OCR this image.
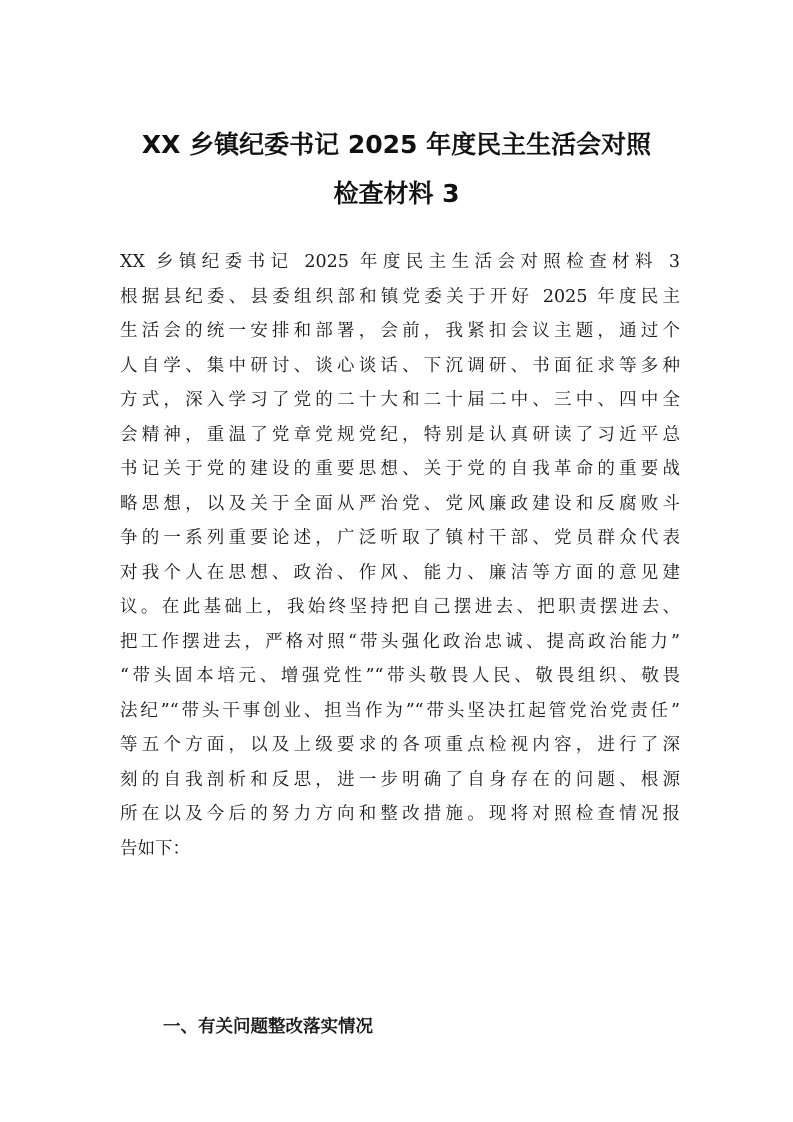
XX 乡镇纪委书记 2025 年度民主生活会对照
检查材料 3
XX 乡镇纪委书记 2025 年度民主生活会对照检查材料 3
根据县纪委、县委组织部和镇党委关于开好 2025 年度民主
生活会的统一安排和部署，会前，我紧扣会议主题，通过个
人自学、集中研讨、谈心谈话、下沉调研、书面征求等多种
方式，深入学习了党的二十大和二十届二中、三中、四中全
会精神，重温了党章党规党纪，特别是认真研读了习近平总
书记关于党的建设的重要思想、关于党的自我革命的重要战
略思想，以及关于全面从严治党、党风廉政建设和反腐败斗
争的一系列重要论述，广泛听取了镇村干部、党员群众代表
对我个人在思想、政治、作风、能力、廉洁等方面的意见建
议。在此基础上，我始终坚持把自己摆进去、把职责摆进去、
把工作摆进去，严格对照“带头强化政治忠诚、提高政治能力”
“带头固本培元、增强党性”“带头敬畏人民、敬畏组织、敬畏
法纪”“带头干事创业、担当作为”“带头坚决扛起管党治党责任”
等五个方面，以及上级要求的各项重点检视内容，进行了深
刻的自我剖析和反思，进一步明确了自身存在的问题、根源
所在以及今后的努力方向和整改措施。现将对照检查情况报
告如下：
一、有关问题整改落实情况
